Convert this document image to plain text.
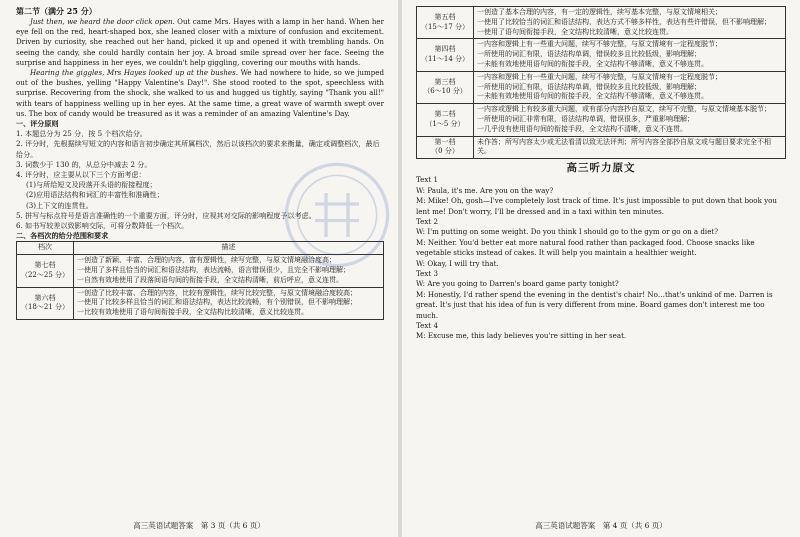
第二节（满分 25 分）

Just then, we heard the door click open. Out came Mrs. Hayes with a lamp in her hand. When her eye fell on the red, heart-shaped box, she leaned closer with a mixture of confusion and excitement. Driven by curiosity, she reached out her hand, picked it up and opened it with trembling hands. On seeing the candy, she could hardly contain her joy. A broad smile spread over her face. Seeing the surprise and happiness in her eyes, we couldn't help giggling, covering our mouths with hands.

Hearing the giggles, Mrs Hayes looked up at the bushes. We had nowhere to hide, so we jumped out of the bushes, yelling "Happy Valentine's Day!". She stood rooted to the spot, speechless with surprise. Recovering from the shock, she walked to us and hugged us tightly, saying "Thank you all!" with tears of happiness welling up in her eyes. At the same time, a great wave of warmth swept over us. The box of candy would be treasured as it was a reminder of an amazing Valentine's Day.

一、评分原则

1. 本题总分为 25 分，按 5 个档次给分。

2. 评分时，先根据续写短文的内容和语言初步确定其所属档次，然后以该档次的要求来衡量，确定或调整档次，最后给分。

3. 词数少于 130 的，从总分中减去 2 分。

4. 评分时，应主要从以下三个方面考虑：

(1)与所给短文及段落开头语的衔接程度；

(2)应用语法结构和词汇的丰富性和准确性；

(3)上下文的连贯性。

5. 拼写与标点符号是语言准确性的一个重要方面，评分时，应视其对交际的影响程度予以考虑。

6. 如书写较差以致影响交际，可将分数降低一个档次。

二、各档次的给分范围和要求

档次	描述

第七档
（22～25 分）	一创造了新颖、丰富、合理的内容，富有逻辑性，续写完整，与原文情境融洽度高；
一使用了多样且恰当的词汇和语法结构，表达流畅，语言错误很少，且完全不影响理解；
一自然有效地使用了段落间语句间的衔接手段，全文结构清晰，前后呼应，意义连贯。

第六档
（18～21 分）	一创造了比较丰富、合理的内容，比较有逻辑性，续写比较完整，与原文情境融洽度较高；
一使用了比较多样且恰当的词汇和语法结构，表达比较流畅，有个别错误，但不影响理解；
一比较有效地使用了语句间衔接手段，全文结构比较清晰，意义比较连贯。
高三英语试题答案　第 3 页（共 6 页）
第五档
（15～17 分）	一创造了基本合理的内容，有一定的逻辑性，续写基本完整，与原文情境相关；
一使用了比较恰当的词汇和语法结构，表达方式不够多样性，表达有些许错误，但不影响理解；
一使用了语句间衔接手段，全文结构比较清晰，意义比较连贯。

第四档
（11～14 分）	一内容和逻辑上有一些重大问题，续写不够完整，与原文情境有一定程度脱节；
一所使用的词汇有限，语法结构单调，错误较多且比较低级，影响理解；
一未能有效地使用语句间的衔接手段，全文结构不够清晰，意义不够连贯。

第三档
（6～10 分）	一内容和逻辑上有一些重大问题，续写不够完整，与原文情境有一定程度脱节；
一所使用的词汇有限，语法结构单调，错误较多且比较低级，影响理解；
一未能有效地使用语句间的衔接手段，全文结构不够清晰，意义不够连贯。

第二档
（1～5 分）	一内容或逻辑上有较多重大问题，或有部分内容抄自原文，续写不完整，与原文情境基本脱节；
一所使用的词汇非常有限，语法结构单调，错误很多，严重影响理解；
一几乎没有使用语句间的衔接手段，全文结构不清晰，意义不连贯。

第一档
（0 分）	未作答；所写内容太少或无法看清以致无法评判；所写内容全部抄自原文或与题目要求完全不相关。
高三听力原文

Text 1

W: Paula, it's me. Are you on the way?

M: Mike! Oh, gosh—I've completely lost track of time. It's just impossible to put down that book you lent me! Don't worry, I'll be dressed and in a taxi within ten minutes.

Text 2

W: I'm putting on some weight. Do you think I should go to the gym or go on a diet?

M: Neither. You'd better eat more natural food rather than packaged food. Choose snacks like vegetable sticks instead of cakes. It will help you maintain a healthier weight.

W: Okay, I will try that.

Text 3

W: Are you going to Darren's board game party tonight?

M: Honestly, I'd rather spend the evening in the dentist's chair! No…that's unkind of me. Darren is great. It's just that his idea of fun is very different from mine. Board games don't interest me too much.

Text 4

M: Excuse me, this lady believes you're sitting in her seat.

高三英语试题答案　第 4 页（共 6 页）
